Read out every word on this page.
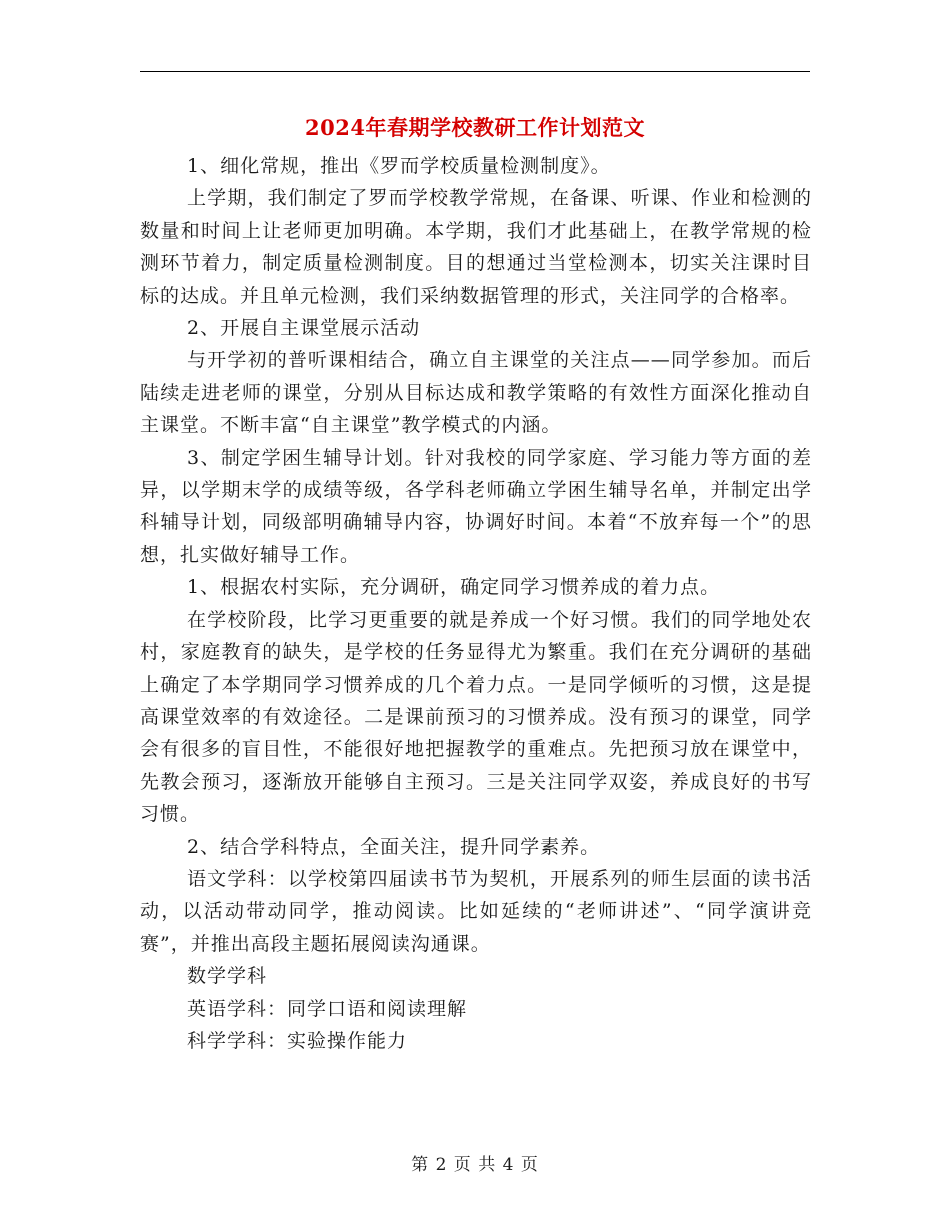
2024年春期学校教研工作计划范文

1、细化常规，推出《罗而学校质量检测制度》。

上学期，我们制定了罗而学校教学常规，在备课、听课、作业和检测的数量和时间上让老师更加明确。本学期，我们才此基础上，在教学常规的检测环节着力，制定质量检测制度。目的想通过当堂检测本，切实关注课时目标的达成。并且单元检测，我们采纳数据管理的形式，关注同学的合格率。

2、开展自主课堂展示活动

与开学初的普听课相结合，确立自主课堂的关注点——同学参加。而后陆续走进老师的课堂，分别从目标达成和教学策略的有效性方面深化推动自主课堂。不断丰富“自主课堂”教学模式的内涵。

3、制定学困生辅导计划。针对我校的同学家庭、学习能力等方面的差异，以学期末学的成绩等级，各学科老师确立学困生辅导名单，并制定出学科辅导计划，同级部明确辅导内容，协调好时间。本着“不放弃每一个”的思想，扎实做好辅导工作。

1、根据农村实际，充分调研，确定同学习惯养成的着力点。

在学校阶段，比学习更重要的就是养成一个好习惯。我们的同学地处农村，家庭教育的缺失，是学校的任务显得尤为繁重。我们在充分调研的基础上确定了本学期同学习惯养成的几个着力点。一是同学倾听的习惯，这是提高课堂效率的有效途径。二是课前预习的习惯养成。没有预习的课堂，同学会有很多的盲目性，不能很好地把握教学的重难点。先把预习放在课堂中，先教会预习，逐渐放开能够自主预习。三是关注同学双姿，养成良好的书写习惯。

2、结合学科特点，全面关注，提升同学素养。

语文学科：以学校第四届读书节为契机，开展系列的师生层面的读书活动，以活动带动同学，推动阅读。比如延续的“老师讲述”、“同学演讲竞赛”，并推出高段主题拓展阅读沟通课。

数学学科

英语学科：同学口语和阅读理解

科学学科：实验操作能力

第 2 页 共 4 页
